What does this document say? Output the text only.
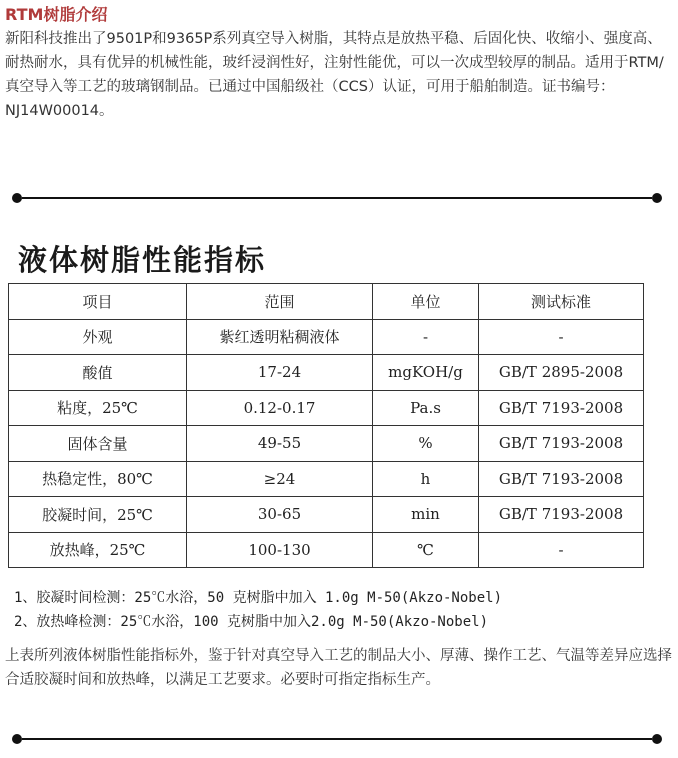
RTM树脂介绍

新阳科技推出了9501P和9365P系列真空导入树脂，其特点是放热平稳、后固化快、收缩小、强度高、耐热耐水，具有优异的机械性能，玻纤浸润性好，注射性能优，可以一次成型较厚的制品。适用于RTM/真空导入等工艺的玻璃钢制品。已通过中国船级社（CCS）认证，可用于船舶制造。证书编号：NJ14W00014。

液体树脂性能指标
项目	范围	单位	测试标准
外观	紫红透明粘稠液体	-	-
酸值	17-24	mgKOH/g	GB/T 2895-2008
粘度，25℃	0.12-0.17	Pa.s	GB/T 7193-2008
固体含量	49-55	%	GB/T 7193-2008
热稳定性，80℃	≥24	h	GB/T 7193-2008
胶凝时间，25℃	30-65	min	GB/T 7193-2008
放热峰，25℃	100-130	℃	-
1、胶凝时间检测：25℃水浴，50 克树脂中加入 1.0g M-50(Akzo-Nobel)
2、放热峰检测：25℃水浴，100 克树脂中加入2.0g M-50(Akzo-Nobel)

上表所列液体树脂性能指标外，鉴于针对真空导入工艺的制品大小、厚薄、操作工艺、气温等差异应选择合适胶凝时间和放热峰，以满足工艺要求。必要时可指定指标生产。
